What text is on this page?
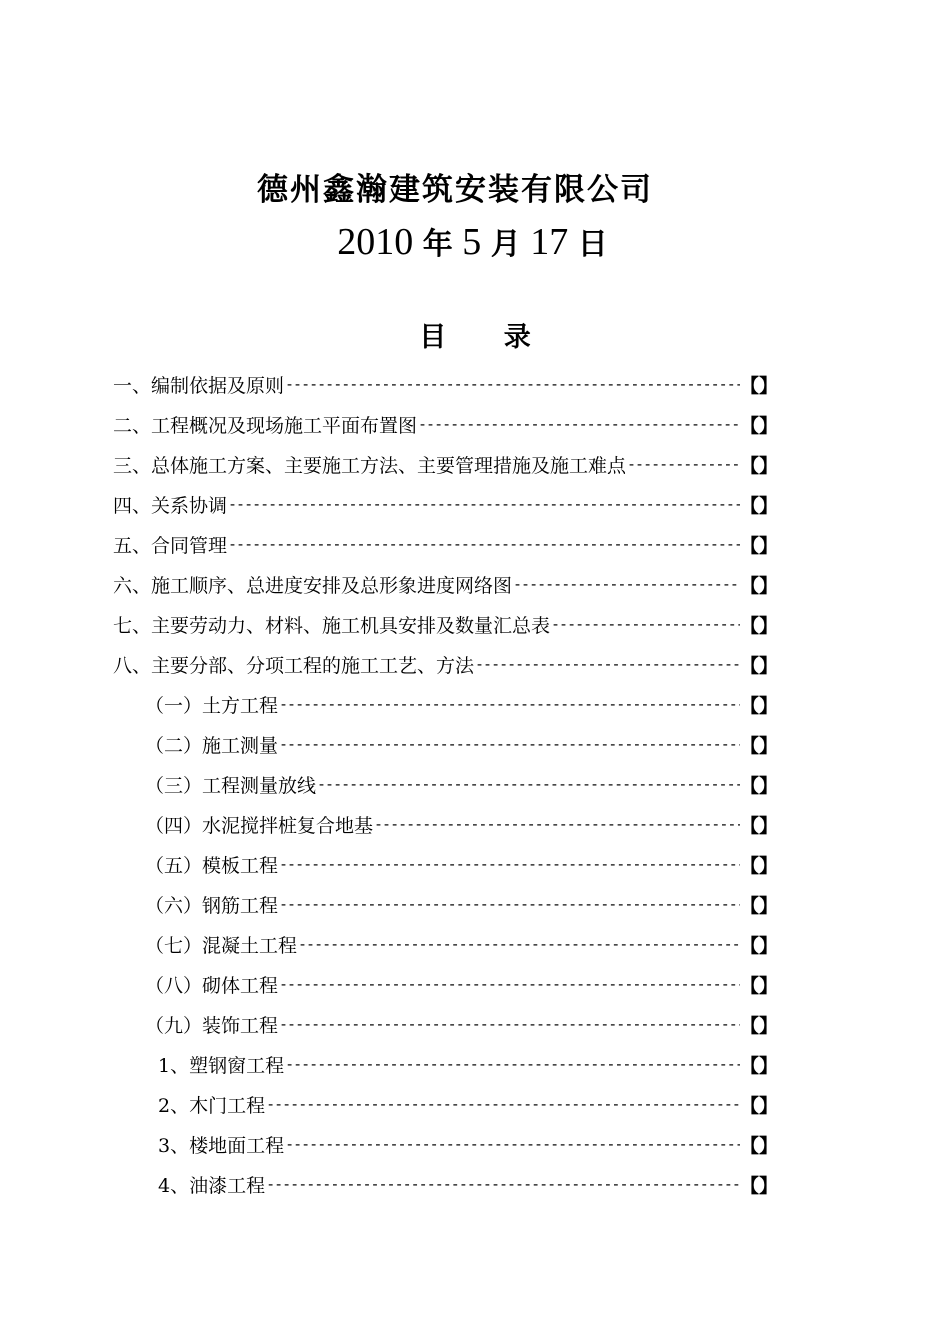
德州鑫瀚建筑安装有限公司
2010 年 5 月 17 日
目 录
一、编制依据及原则 -----	【】
二、工程概况及现场施工平面布置图 -----	【】
三、总体施工方案、主要施工方法、主要管理措施及施工难点 -----	【】
四、关系协调 -----	【】
五、合同管理 -----	【】
六、施工顺序、总进度安排及总形象进度网络图 -----	【】
七、主要劳动力、材料、施工机具安排及数量汇总表 -----	【】
八、主要分部、分项工程的施工工艺、方法 -----	【】
（一）土方工程 -----	【】
（二）施工测量 -----	【】
（三）工程测量放线 -----	【】
（四）水泥搅拌桩复合地基 -----	【】
（五）模板工程 -----	【】
（六）钢筋工程 -----	【】
（七）混凝土工程 -----	【】
（八）砌体工程 -----	【】
（九）装饰工程 -----	【】
1、塑钢窗工程 -----	【】
2、木门工程 -----	【】
3、楼地面工程 -----	【】
4、油漆工程 -----	【】
